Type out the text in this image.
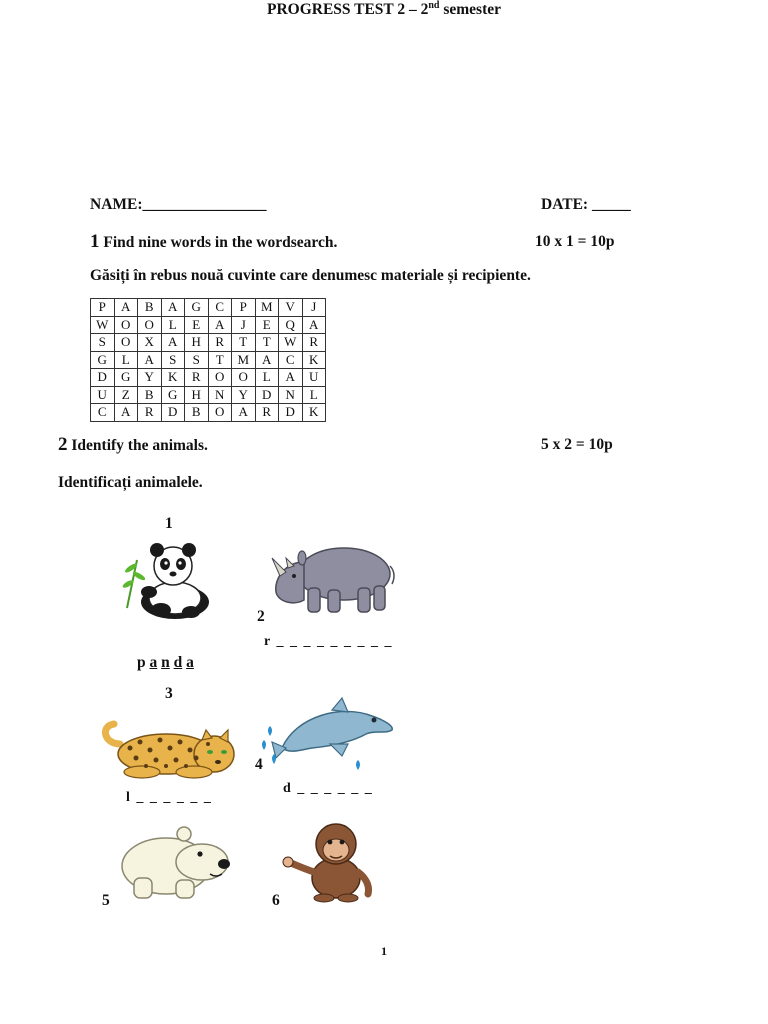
PROGRESS TEST 2 – 2nd semester
NAME:________________	DATE: _____
1 Find nine words in the wordsearch.	10 x 1 = 10p
Găsiți în rebus nouă cuvinte care denumesc materiale și recipiente.
P	A	B	A	G	C	P	M	V	J
W	O	O	L	E	A	J	E	Q	A
S	O	X	A	H	R	T	T	W	R
G	L	A	S	S	T	M	A	C	K
D	G	Y	K	R	O	O	L	A	U
U	Z	B	G	H	N	Y	D	N	L
C	A	R	D	B	O	A	R	D	K
2 Identify the animals.	5 x 2 = 10p
Identificați animalele.
1
2
3
4
5	6
p a n d a
r _ _ _ _ _ _ _ _ _
l _ _ _ _ _ _
d _ _ _ _ _ _
1
